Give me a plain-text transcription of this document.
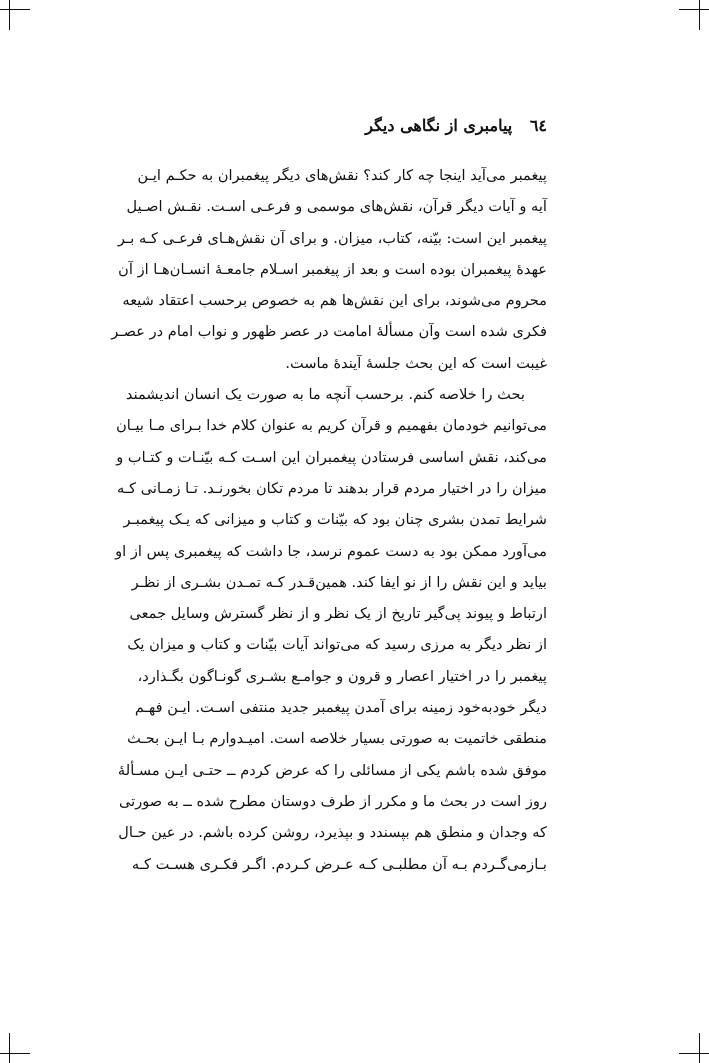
٦٤ پیامبری از نگاهی دیگر
پیغمبر می‌آید اینجا چه کار کند؟ نقش‌های دیگر پیغمبران به حکـم ایـن
آیه و آیات دیگر قرآن، نقش‌های موسمی و فرعـی اسـت. نقـش اصـیل
پیغمبر این است: بیّنه، کتاب، میزان. و برای آن نقش‌هـای فرعـی کـه بـر
عهدهٔ پیغمبران بوده است و بعد از پیغمبر اسـلام جامعـهٔ انسـان‌هـا از آن
محروم می‌شوند، برای این نقش‌ها هم به خصوص برحسب اعتقاد شیعه
فکری شده است وآن مسألهٔ امامت در عصر ظهور و نواب امام در عصـر
غیبت است که این بحث جلسهٔ آیندهٔ ماست.
بحث را خلاصه کنم. برحسب آنچه ما به صورت یک انسان اندیشمند
می‌توانیم خودمان بفهمیم و قرآن کریم به عنوان کلام خدا بـرای مـا بیـان
می‌کند، نقش اساسی فرستادن پیغمبران این اسـت کـه بیّنـات و کتـاب و
میزان را در اختیار مردم قرار بدهند تا مردم تکان بخورنـد. تـا زمـانی کـه
شرایط تمدن بشری چنان بود که بیّنات و کتاب و میزانی که یـک پیغمبـر
می‌آورد ممکن بود به دست عموم نرسد، جا داشت که پیغمبری پس از او
بیاید و این نقش را از نو ایفا کند. همین‌قـدر کـه تمـدن بشـری از نظـر
ارتباط و پیوند پی‌گیر تاریخ از یک نظر و از نظر گسترش وسایل جمعی
از نظر دیگر به مرزی رسید که می‌تواند آیات بیّنات و کتاب و میزان یک
پیغمبر را در اختیار اعصار و قرون و جوامـع بشـری گونـاگون بگـذارد،
دیگر خودبه‌خود زمینه برای آمدن پیغمبر جدید منتفی اسـت. ایـن فهـم
منطقی خاتمیت به صورتی بسیار خلاصه است. امیـدوارم بـا ایـن بحـث
موفق شده باشم یکی از مسائلی را که عرض کردم ــ حتـی ایـن مسـألهٔ
روز است در بحث ما و مکرر از طرف دوستان مطرح شده ــ به صورتی
که وجدان و منطق هم بپسندد و بپذیرد، روشن کرده باشم. در عین حـال
بـازمی‌گـردم بـه آن مطلبـی کـه عـرض کـردم. اگـر فکـری هسـت کـه
